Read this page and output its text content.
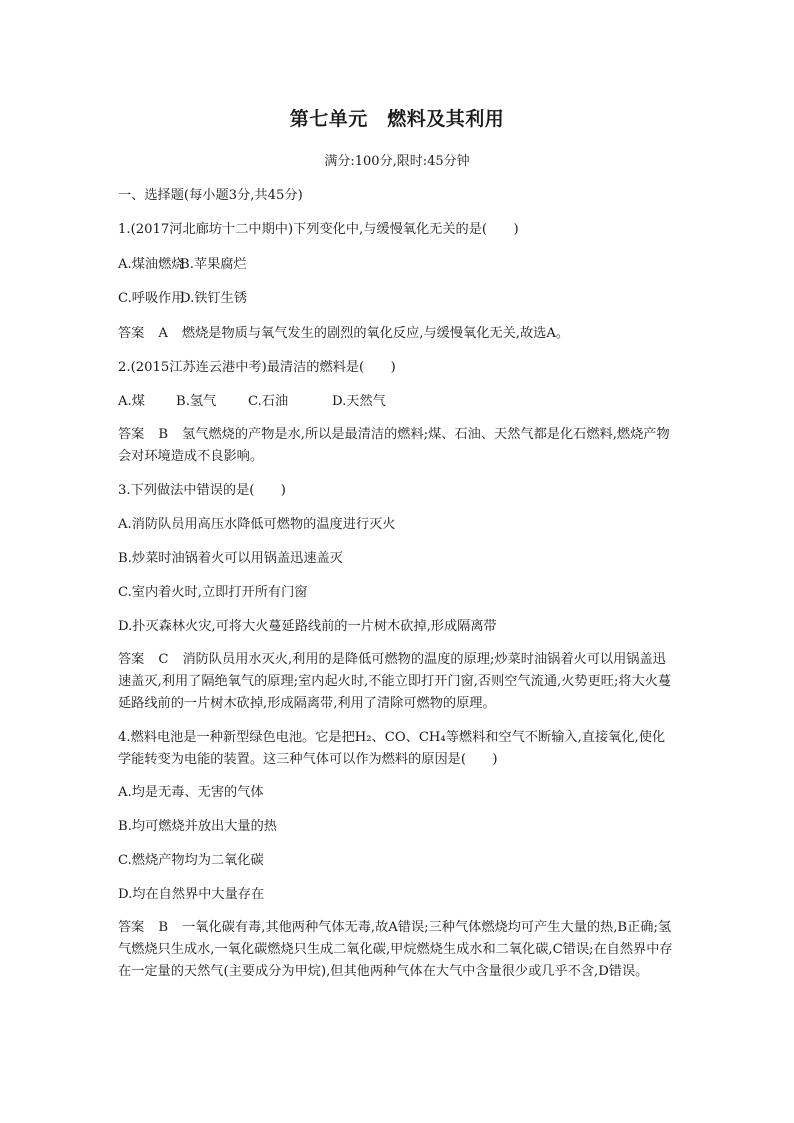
第七单元　燃料及其利用

满分:100分,限时:45分钟

一、选择题(每小题3分,共45分)

1.(2017河北廊坊十二中期中)下列变化中,与缓慢氧化无关的是(　　)

A.煤油燃烧B.苹果腐烂

C.呼吸作用D.铁钉生锈

答案 A 燃烧是物质与氧气发生的剧烈的氧化反应,与缓慢氧化无关,故选A。

2.(2015江苏连云港中考)最清洁的燃料是(　　)

A.煤 B.氢气 C.石油	D.天然气

答案 B 氢气燃烧的产物是水,所以是最清洁的燃料;煤、石油、天然气都是化石燃料,燃烧产物会对环境造成不良影响。

3.下列做法中错误的是(　　)

A.消防队员用高压水降低可燃物的温度进行灭火

B.炒菜时油锅着火可以用锅盖迅速盖灭

C.室内着火时,立即打开所有门窗

D.扑灭森林火灾,可将大火蔓延路线前的一片树木砍掉,形成隔离带

答案 C 消防队员用水灭火,利用的是降低可燃物的温度的原理;炒菜时油锅着火可以用锅盖迅速盖灭,利用了隔绝氧气的原理;室内起火时,不能立即打开门窗,否则空气流通,火势更旺;将大火蔓延路线前的一片树木砍掉,形成隔离带,利用了清除可燃物的原理。

4.燃料电池是一种新型绿色电池。它是把H₂、CO、CH₄等燃料和空气不断输入,直接氧化,使化学能转变为电能的装置。这三种气体可以作为燃料的原因是(　　)

A.均是无毒、无害的气体

B.均可燃烧并放出大量的热

C.燃烧产物均为二氧化碳

D.均在自然界中大量存在

答案 B 一氧化碳有毒,其他两种气体无毒,故A错误;三种气体燃烧均可产生大量的热,B正确;氢气燃烧只生成水,一氧化碳燃烧只生成二氧化碳,甲烷燃烧生成水和二氧化碳,C错误;在自然界中存在一定量的天然气(主要成分为甲烷),但其他两种气体在大气中含量很少或几乎不含,D错误。
